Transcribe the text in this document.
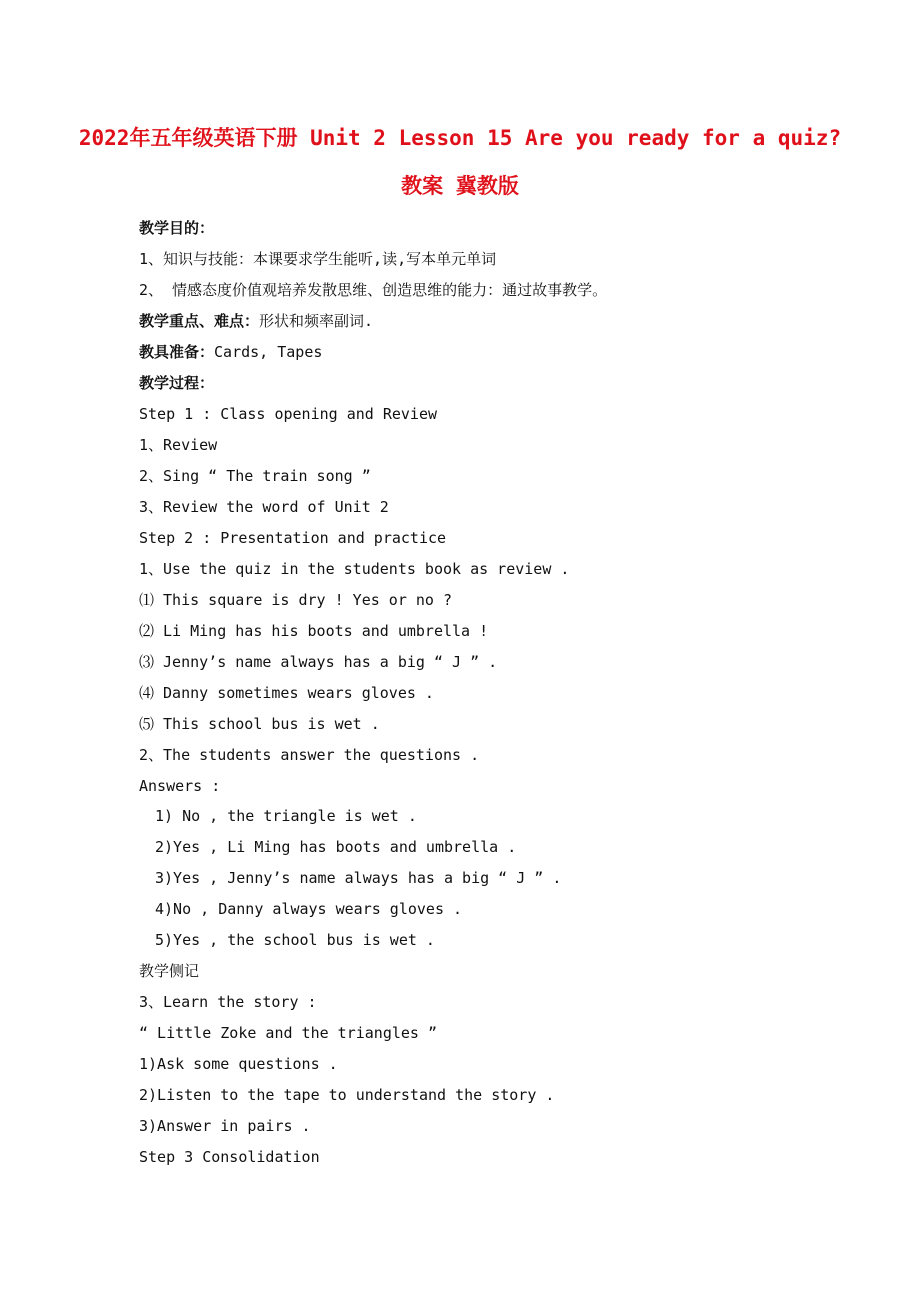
2022年五年级英语下册 Unit 2 Lesson 15 Are you ready for a quiz?
教案 冀教版
教学目的：
1、知识与技能：本课要求学生能听,读,写本单元单词
2、 情感态度价值观培养发散思维、创造思维的能力：通过故事教学。
教学重点、难点：形状和频率副词.
教具准备：Cards, Tapes
教学过程：
Step 1 : Class opening and Review
1、Review
2、Sing “ The train song ”
3、Review the word of Unit 2
Step 2 : Presentation and practice
1、Use the quiz in the students book as review .
⑴ This square is dry ! Yes or no ?
⑵ Li Ming has his boots and umbrella !
⑶ Jenny’s name always has a big “ J ” .
⑷ Danny sometimes wears gloves .
⑸ This school bus is wet .
2、The students answer the questions .
Answers :
1) No , the triangle is wet .
2)Yes , Li Ming has boots and umbrella .
3)Yes , Jenny’s name always has a big “ J ” .
4)No , Danny always wears gloves .
5)Yes , the school bus is wet .
教学侧记
3、Learn the story :
“ Little Zoke and the triangles ”
1)Ask some questions .
2)Listen to the tape to understand the story .
3)Answer in pairs .
Step 3 Consolidation
